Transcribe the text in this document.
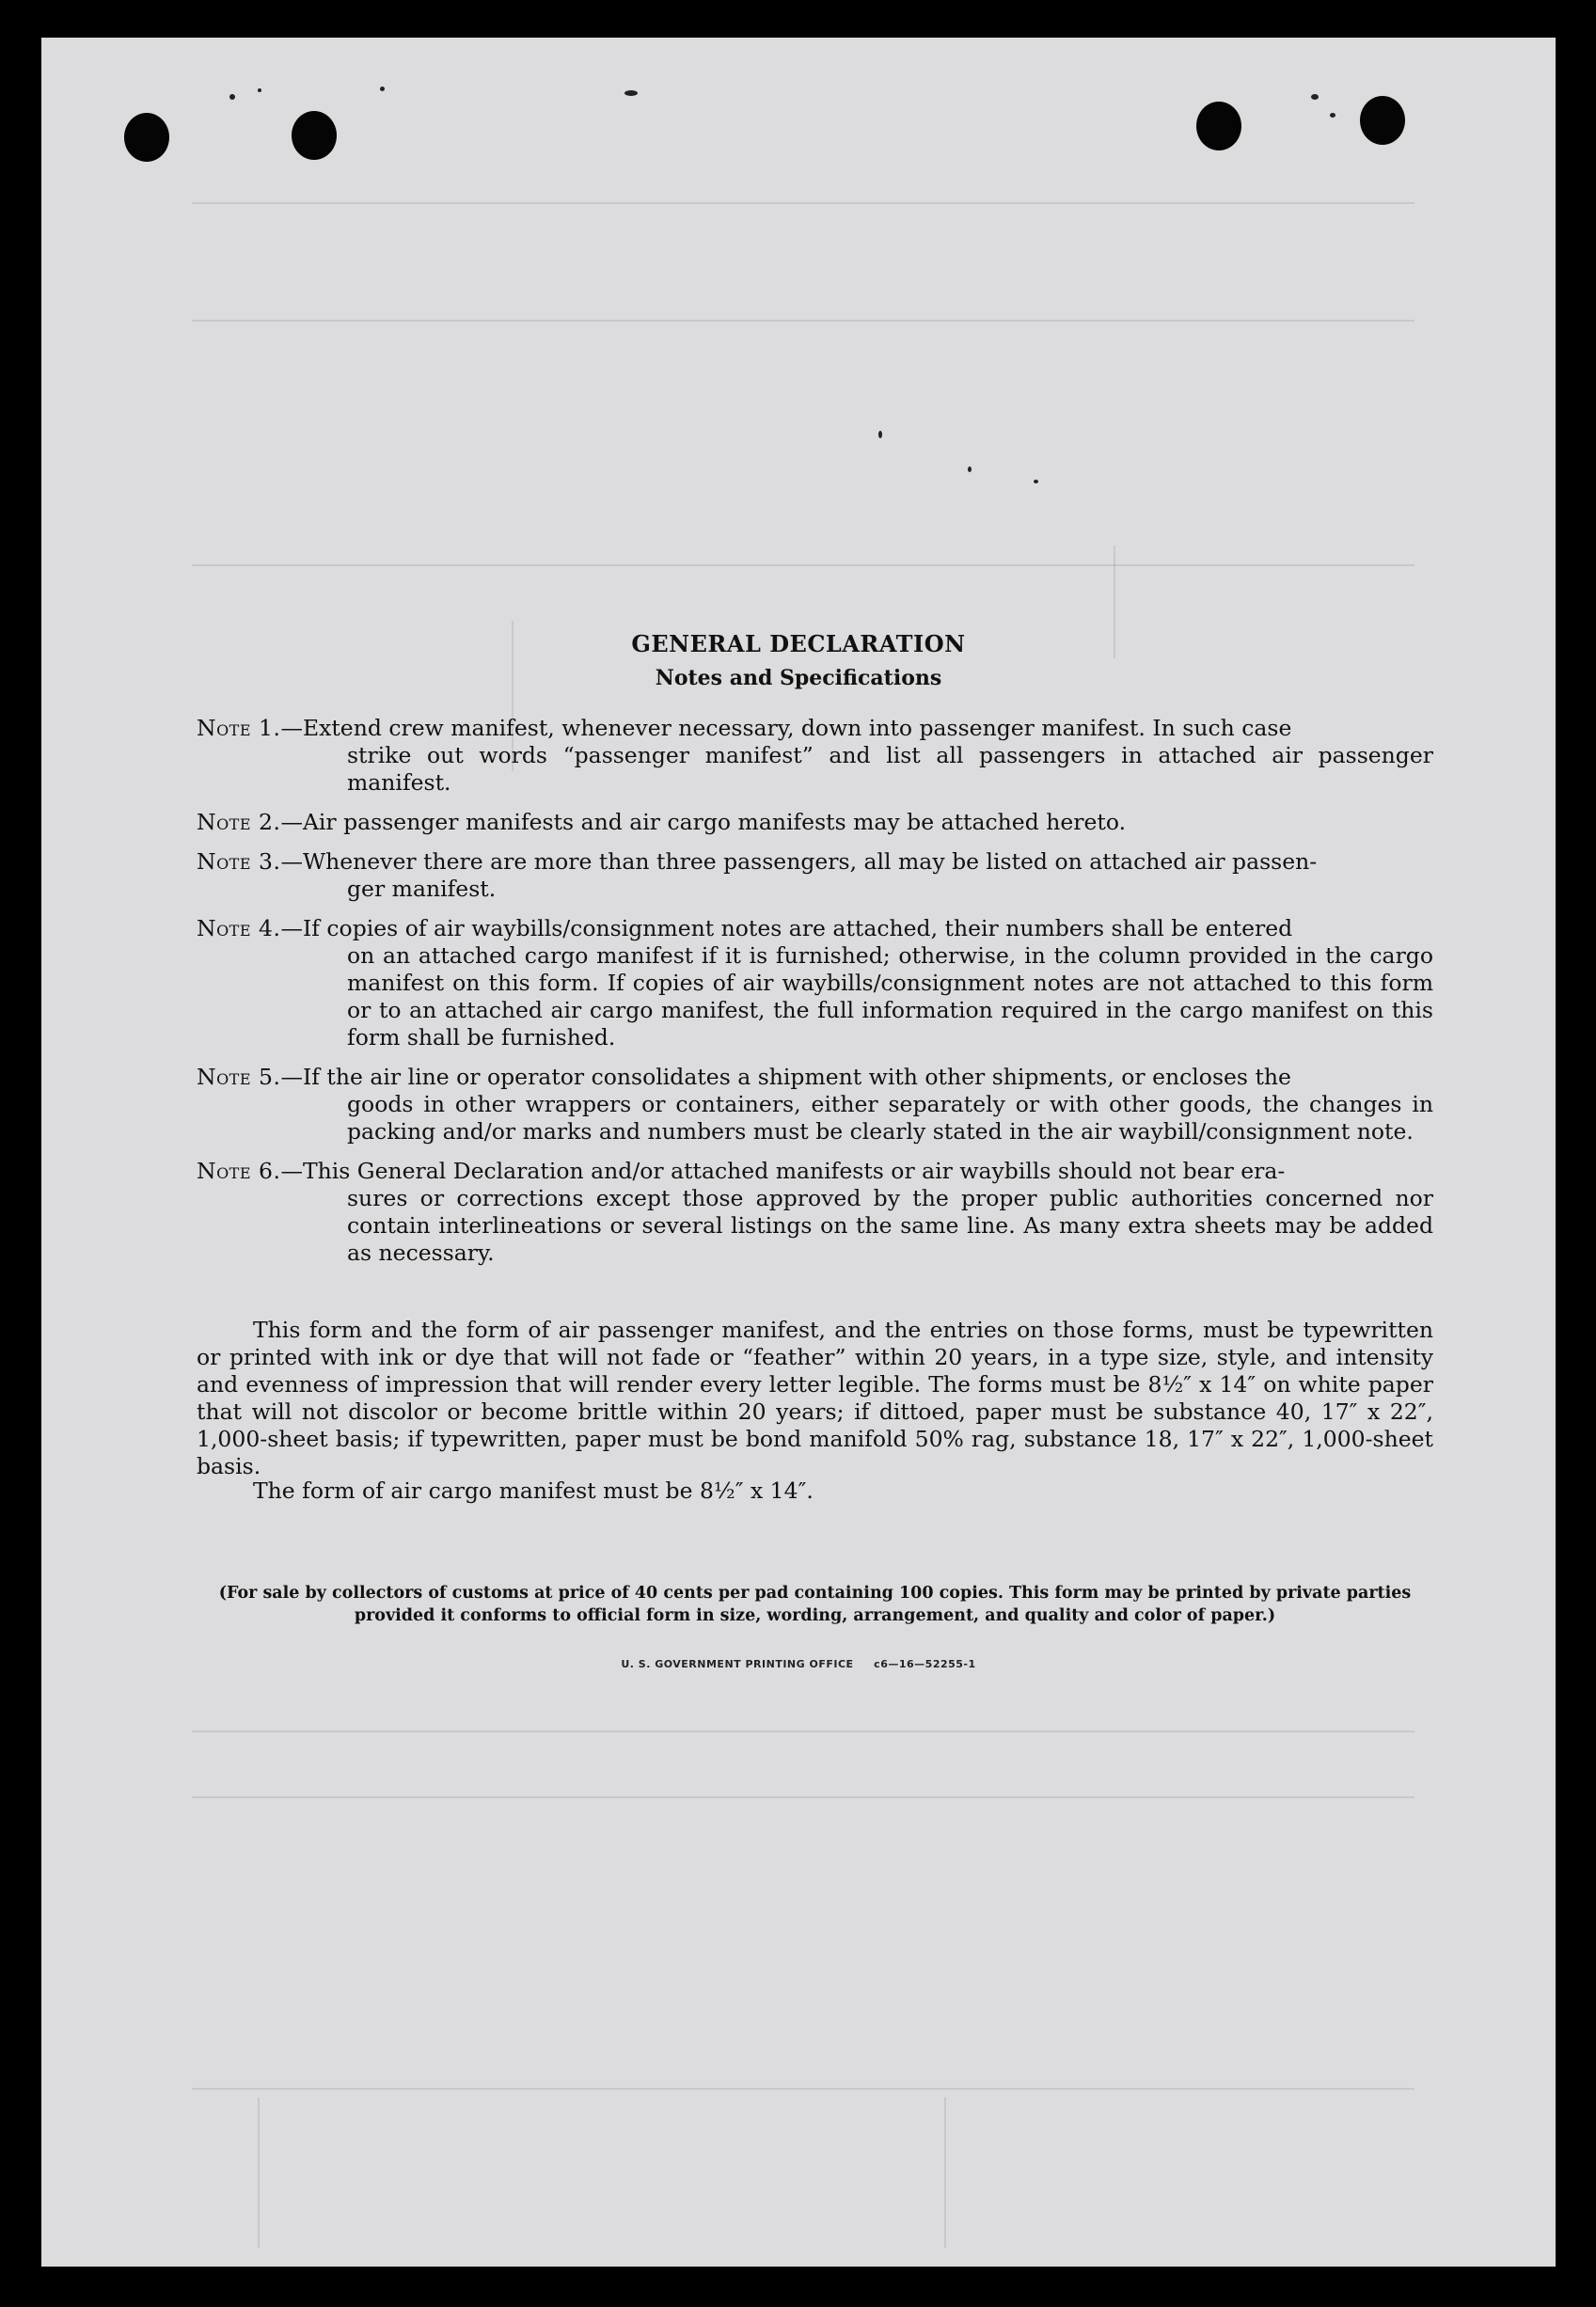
GENERAL DECLARATION
Notes and Specifications
Note 1.—Extend crew manifest, whenever necessary, down into passenger manifest. In such case
strike out words “passenger manifest” and list all passengers in attached air passenger manifest.
Note 2.—Air passenger manifests and air cargo manifests may be attached hereto.
Note 3.—Whenever there are more than three passengers, all may be listed on attached air passen-
ger manifest.
Note 4.—If copies of air waybills/consignment notes are attached, their numbers shall be entered
on an attached cargo manifest if it is furnished; otherwise, in the column provided in the cargo manifest on this form. If copies of air waybills/consignment notes are not attached to this form or to an attached air cargo manifest, the full information required in the cargo manifest on this form shall be furnished.
Note 5.—If the air line or operator consolidates a shipment with other shipments, or encloses the
goods in other wrappers or containers, either separately or with other goods, the changes in packing and/or marks and numbers must be clearly stated in the air waybill/consignment note.
Note 6.—This General Declaration and/or attached manifests or air waybills should not bear era-
sures or corrections except those approved by the proper public authorities concerned nor contain interlineations or several listings on the same line. As many extra sheets may be added as necessary.
This form and the form of air passenger manifest, and the entries on those forms, must be typewritten or printed with ink or dye that will not fade or “feather” within 20 years, in a type size, style, and intensity and evenness of impression that will render every letter legible. The forms must be 8½″ x 14″ on white paper that will not discolor or become brittle within 20 years; if dittoed, paper must be substance 40, 17″ x 22″, 1,000-sheet basis; if typewritten, paper must be bond manifold 50% rag, substance 18, 17″ x 22″, 1,000-sheet basis.
The form of air cargo manifest must be 8½″ x 14″.
(For sale by collectors of customs at price of 40 cents per pad containing 100 copies. This form may be printed by private parties provided it conforms to official form in size, wording, arrangement, and quality and color of paper.)
U. S. GOVERNMENT PRINTING OFFICE     c6—16—52255-1
